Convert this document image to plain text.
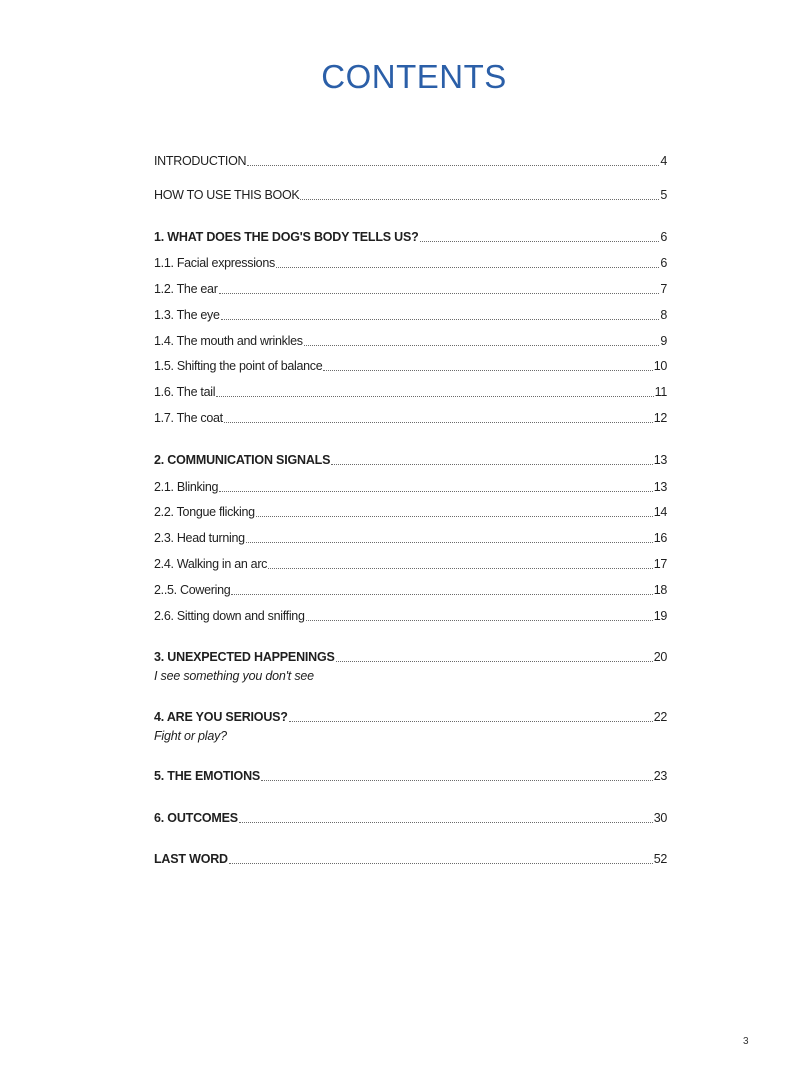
CONTENTS
INTRODUCTION	4
HOW TO USE THIS BOOK	5
1. WHAT DOES THE DOG'S BODY TELLS US?	6
1.1. Facial expressions	6
1.2. The ear	7
1.3. The eye	8
1.4. The mouth and wrinkles	9
1.5. Shifting the point of balance	10
1.6. The tail	11
1.7. The coat	12
2. COMMUNICATION SIGNALS	13
2.1. Blinking	13
2.2. Tongue flicking	14
2.3. Head turning	16
2.4. Walking in an arc	17
2..5. Cowering	18
2.6. Sitting down and sniffing	19
3. UNEXPECTED HAPPENINGS	20
I see something you don't see
4. ARE YOU SERIOUS?	22
Fight or play?
5. THE EMOTIONS	23
6. OUTCOMES	30
LAST WORD	52
3
